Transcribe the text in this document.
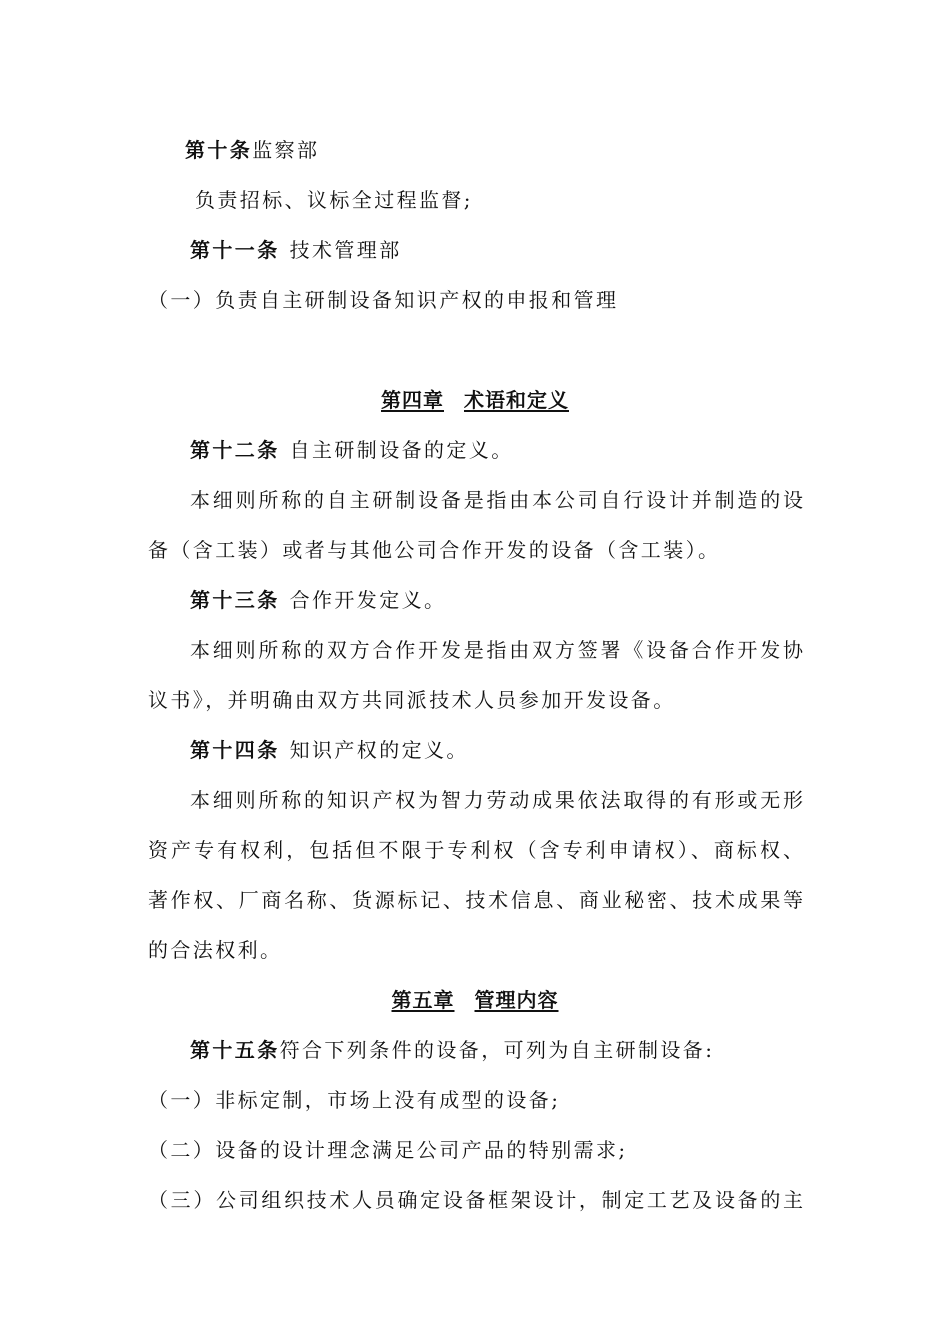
第十条监察部
负责招标、议标全过程监督;
第十一条 技术管理部
（一）负责自主研制设备知识产权的申报和管理
第四章 术语和定义
第十二条 自主研制设备的定义。
本细则所称的自主研制设备是指由本公司自行设计并制造的设
备（含工装）或者与其他公司合作开发的设备（含工装）。
第十三条 合作开发定义。
本细则所称的双方合作开发是指由双方签署《设备合作开发协
议书》，并明确由双方共同派技术人员参加开发设备。
第十四条 知识产权的定义。
本细则所称的知识产权为智力劳动成果依法取得的有形或无形
资产专有权利，包括但不限于专利权（含专利申请权）、商标权、
著作权、厂商名称、货源标记、技术信息、商业秘密、技术成果等
的合法权利。
第五章 管理内容
第十五条符合下列条件的设备，可列为自主研制设备:
（一）非标定制，市场上没有成型的设备;
（二）设备的设计理念满足公司产品的特别需求;
（三）公司组织技术人员确定设备框架设计，制定工艺及设备的主
